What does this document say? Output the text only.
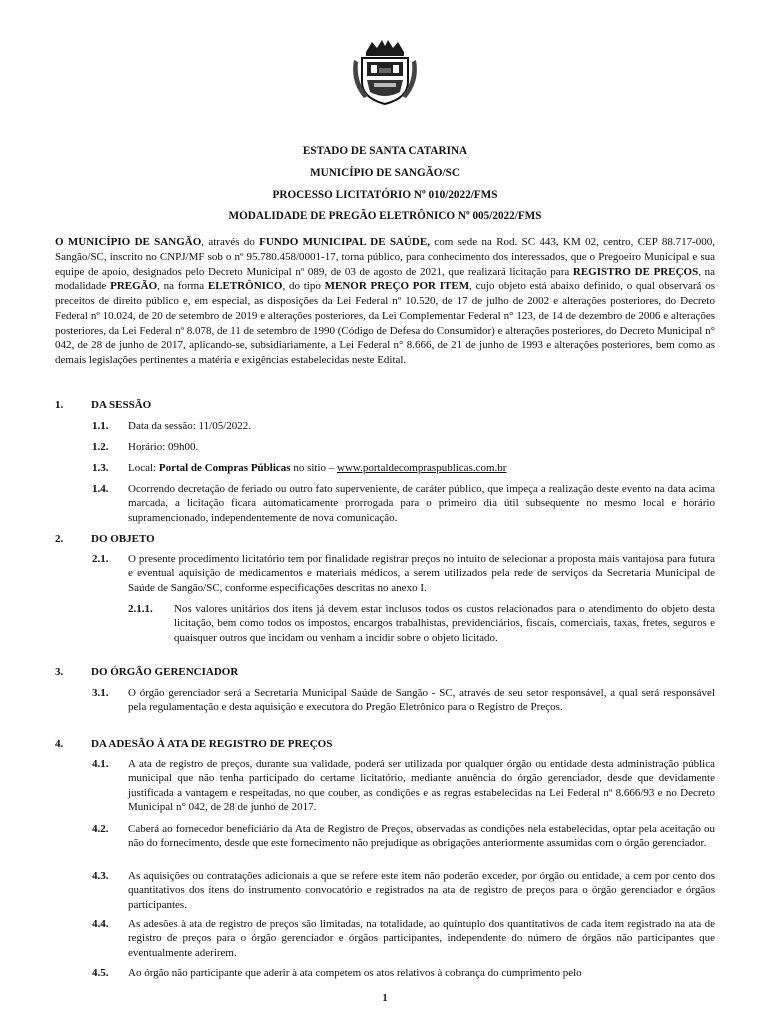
ESTADO DE SANTA CATARINA
MUNICÍPIO DE SANGÃO/SC
PROCESSO LICITATÓRIO Nº 010/2022/FMS
MODALIDADE DE PREGÃO ELETRÔNICO Nº 005/2022/FMS
O MUNICÍPIO DE SANGÃO, através do FUNDO MUNICIPAL DE SAÚDE, com sede na Rod. SC 443, KM 02, centro, CEP 88.717-000, Sangão/SC, inscrito no CNPJ/MF sob o nº 95.780.458/0001-17, torna público, para conhecimento dos interessados, que o Pregoeiro Municipal e sua equipe de apoio, designados pelo Decreto Municipal nº 089, de 03 de agosto de 2021, que realizará licitação para REGISTRO DE PREÇOS, na modalidade PREGÃO, na forma ELETRÔNICO, do tipo MENOR PREÇO POR ITEM, cujo objeto está abaixo definido, o qual observará os preceitos de direito público e, em especial, as disposições da Lei Federal nº 10.520, de 17 de julho de 2002 e alterações posteriores, do Decreto Federal nº 10.024, de 20 de setembro de 2019 e alterações posteriores, da Lei Complementar Federal n° 123, de 14 de dezembro de 2006 e alterações posteriores, da Lei Federal nº 8.078, de 11 de setembro de 1990 (Código de Defesa do Consumidor) e alterações posteriores, do Decreto Municipal n° 042, de 28 de junho de 2017, aplicando-se, subsidiariamente, a Lei Federal n° 8.666, de 21 de junho de 1993 e alterações posteriores, bem como as demais legislações pertinentes a matéria e exigências estabelecidas neste Edital.
1.	DA SESSÃO
1.1.	Data da sessão: 11/05/2022.
1.2.	Horário: 09h00.
1.3.	Local: Portal de Compras Públicas no sitio – www.portaldecompraspublicas.com.br
1.4.	Ocorrendo decretação de feriado ou outro fato superveniente, de caráter público, que impeça a realização deste evento na data acima marcada, a licitação ficara automaticamente prorrogada para o primeiro dia útil subsequente no mesmo local e horário supramencionado, independentemente de nova comunicação.
2.	DO OBJETO
2.1.	O presente procedimento licitatório tem por finalidade registrar preços no intuito de selecionar a proposta mais vantajosa para futura e eventual aquisição de medicamentos e materiais médicos, a serem utilizados pela rede de serviços da Secretaria Municipal de Saúde de Sangão/SC, conforme especificações descritas no anexo I.
2.1.1.	Nos valores unitários dos itens já devem estar inclusos todos os custos relacionados para o atendimento do objeto desta licitação, bem como todos os impostos, encargos trabalhistas, previdenciários, fiscais, comerciais, taxas, fretes, seguros e quaisquer outros que incidam ou venham a incidir sobre o objeto licitado.
3.	DO ÓRGÃO GERENCIADOR
3.1.	O órgão gerenciador será a Secretaria Municipal Saúde de Sangão - SC, através de seu setor responsável, a qual será responsável pela regulamentação e desta aquisição e executora do Pregão Eletrônico para o Registro de Preços.
4.	DA ADESÃO À ATA DE REGISTRO DE PREÇOS
4.1.	A ata de registro de preços, durante sua validade, poderá ser utilizada por qualquer órgão ou entidade desta administração pública municipal que não tenha participado do certame licitatório, mediante anuência do órgão gerenciador, desde que devidamente justificada a vantagem e respeitadas, no que couber, as condições e as regras estabelecidas na Lei Federal nº 8.666/93 e no Decreto Municipal n° 042, de 28 de junho de 2017.
4.2.	Caberá ao fornecedor beneficiário da Ata de Registro de Preços, observadas as condições nela estabelecidas, optar pela aceitação ou não do fornecimento, desde que este fornecimento não prejudique as obrigações anteriormente assumidas com o órgão gerenciador.
4.3.	As aquisições ou contratações adicionais a que se refere este item não poderão exceder, por órgão ou entidade, a cem por cento dos quantitativos dos itens do instrumento convocatório e registrados na ata de registro de preços para o órgão gerenciador e órgãos participantes.
4.4.	As adesões à ata de registro de preços são limitadas, na totalidade, ao quíntuplo dos quantitativos de cada item registrado na ata de registro de preços para o órgão gerenciador e órgãos participantes, independente do número de órgãos não participantes que eventualmente aderirem.
4.5.	Ao órgão não participante que aderir à ata competem os atos relativos à cobrança do cumprimento pelo
1
